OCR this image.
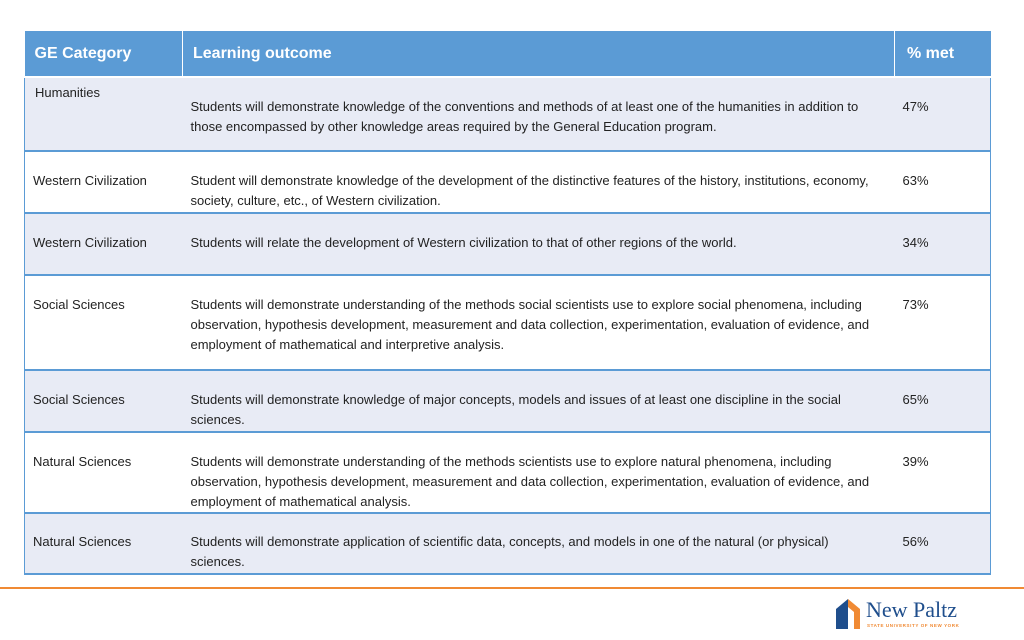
GE Category	Learning outcome	% met
Humanities	Students will demonstrate knowledge of the conventions and methods of at least one of the humanities in addition to those encompassed by other knowledge areas required by the General Education program.	47%
Western Civilization	Student will demonstrate knowledge of the development of the distinctive features of the history, institutions, economy, society, culture, etc., of Western civilization.	63%
Western Civilization	Students will relate the development of Western civilization to that of other regions of the world.	34%
Social Sciences	Students will demonstrate understanding of the methods social scientists use to explore social phenomena, including observation, hypothesis development, measurement and data collection, experimentation, evaluation of evidence, and employment of mathematical and interpretive analysis.	73%
Social Sciences	Students will demonstrate knowledge of major concepts, models and issues of at least one discipline in the social sciences.	65%
Natural Sciences	Students will demonstrate understanding of the methods scientists use to explore natural phenomena, including observation, hypothesis development, measurement and data collection, experimentation, evaluation of evidence, and employment of mathematical analysis.	39%
Natural Sciences	Students will demonstrate application of scientific data, concepts, and models in one of the natural (or physical) sciences.	56%
New Paltz
STATE UNIVERSITY OF NEW YORK
